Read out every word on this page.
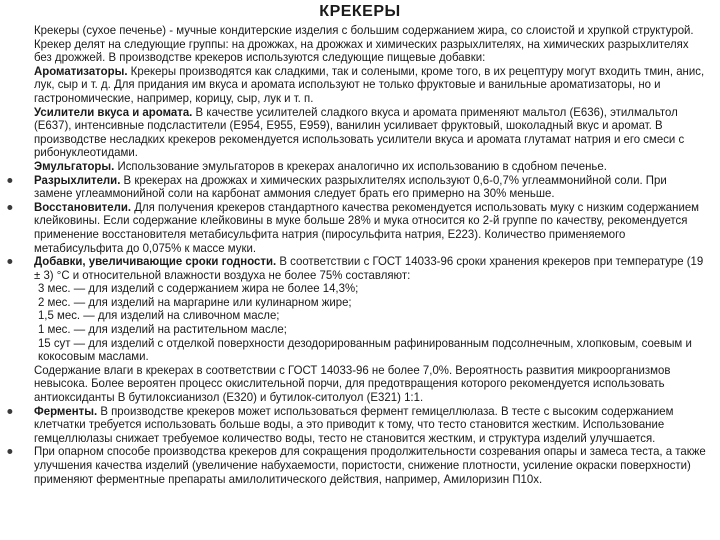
КРЕКЕРЫ

Крекеры (сухое печенье) - мучные кондитерские изделия с большим содержанием жира, со слоистой и хрупкой структурой. Крекер делят на следующие группы: на дрожжах, на дрожжах и химических разрыхлителях, на химических разрыхлителях без дрожжей. В производстве крекеров используются следующие пищевые добавки:

Ароматизаторы. Крекеры производятся как сладкими, так и солеными, кроме того, в их рецептуру могут входить тмин, анис, лук, сыр и т. д. Для придания им вкуса и аромата используют не только фруктовые и ванильные ароматизаторы, но и гастрономические, например, корицу, сыр, лук и т. п.

Усилители вкуса и аромата. В качестве усилителей сладкого вкуса и аромата применяют мальтол (Е636), этилмальтол (Е637), интенсивные подсластители (Е954, Е955, Е959), ванилин усиливает фруктовый, шоколадный вкус и аромат. В производстве несладких крекеров рекомендуется использовать усилители вкуса и аромата глутамат натрия и его смеси с рибонуклеотидами.

Эмульгаторы. Использование эмульгаторов в крекерах аналогично их использованию в сдобном печенье.

Разрыхлители. В крекерах на дрожжах и химических разрыхлителях используют 0,6-0,7% углеаммонийной соли. При замене углеаммонийной соли на карбонат аммония следует брать его примерно на 30% меньше.

Восстановители. Для получения крекеров стандартного качества рекомендуется использовать муку с низким содержанием клейковины. Если содержание клейковины в муке больше 28% и мука относится ко 2-й группе по качеству, рекомендуется применение восстановителя метабисульфита натрия (пиросульфита натрия, Е223). Количество применяемого метабисульфита до 0,075% к массе муки.

Добавки, увеличивающие сроки годности. В соответствии с ГОСТ 14033-96 сроки хранения крекеров при температуре (19 ± 3) °С и относительной влажности воздуха не более 75% составляют:

3 мес. — для изделий с содержанием жира не более 14,3%;

2 мес. — для изделий на маргарине или кулинарном жире;

1,5 мес. — для изделий на сливочном масле;

1 мес. — для изделий на растительном масле;

15 сут — для изделий с отделкой поверхности дезодорированным рафинированным подсолнечным, хлопковым, соевым и кокосовым маслами.

Содержание влаги в крекерах в соответствии с ГОСТ 14033-96 не более 7,0%. Вероятность развития микроорганизмов невысока. Более вероятен процесс окислительной порчи, для предотвращения которого рекомендуется использовать антиоксиданты В бутилоксианизол (Е320) и бутилок-ситолуол (Е321) 1:1.

Ферменты. В производстве крекеров может использоваться фермент гемицеллюлаза. В тесте с высоким содержанием клетчатки требуется использовать больше воды, а это приводит к тому, что тесто становится жестким. Использование гемцеллюлазы снижает требуемое количество воды, тесто не становится жестким, и структура изделий улучшается.

При опарном способе производства крекеров для сокращения продолжительности созревания опары и замеса теста, а также улучшения качества изделий (увеличение набухаемости, пористости, снижение плотности, усиление окраски поверхности) применяют ферментные препараты амилолитического действия, например, Амилоризин П10х.
